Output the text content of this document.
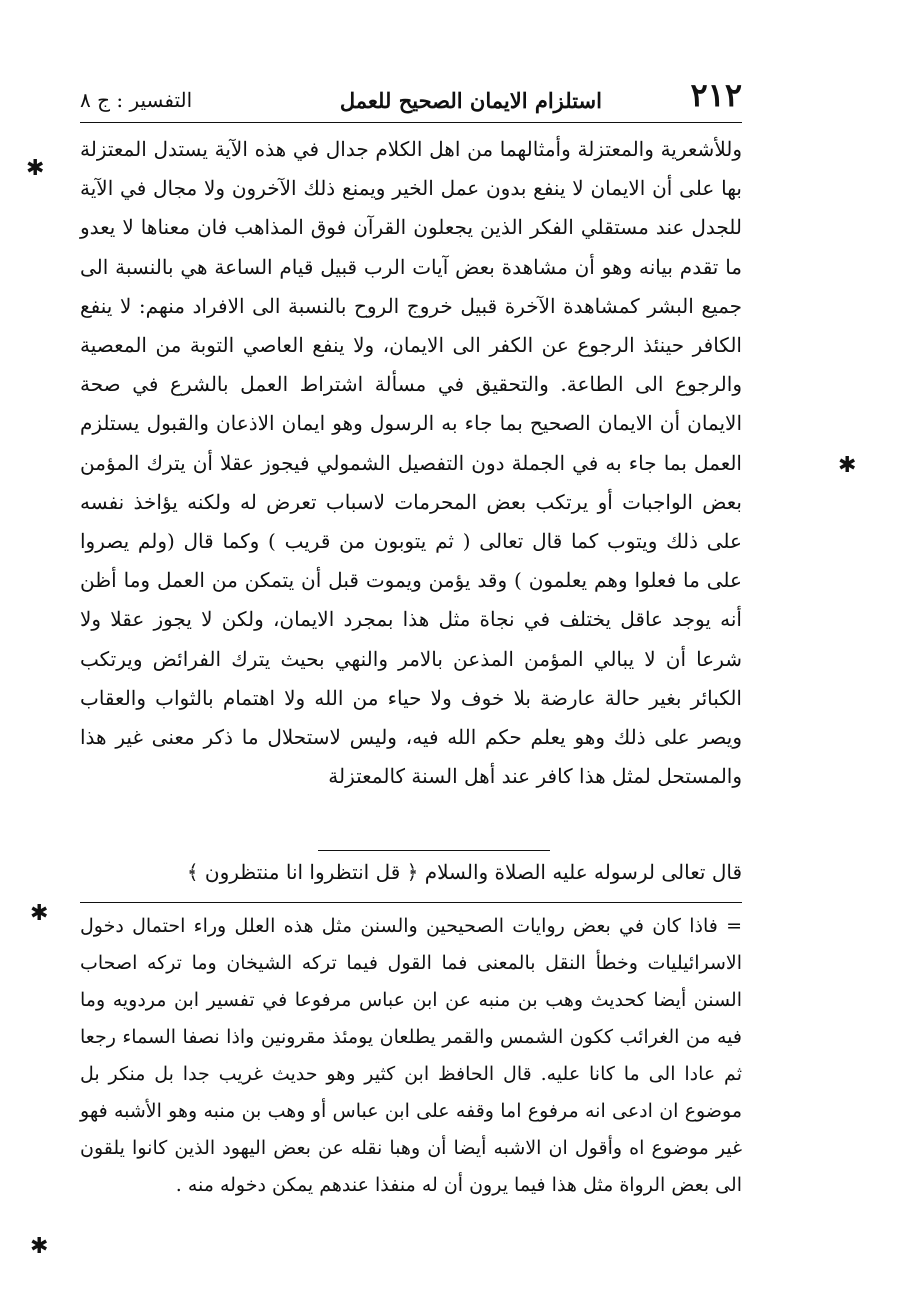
٢١٢
استلزام الايمان الصحيح للعمل
التفسير : ج ٨

وللأشعرية والمعتزلة وأمثالهما من اهل الكلام جدال في هذه الآية يستدل المعتزلة بها على أن الايمان لا ينفع بدون عمل الخير ويمنع ذلك الآخرون ولا مجال في الآية للجدل عند مستقلي الفكر الذين يجعلون القرآن فوق المذاهب فان معناها لا يعدو ما تقدم بيانه وهو أن مشاهدة بعض آيات الرب قبيل قيام الساعة هي بالنسبة الى جميع البشر كمشاهدة الآخرة قبيل خروج الروح بالنسبة الى الافراد منهم: لا ينفع الكافر حينئذ الرجوع عن الكفر الى الايمان، ولا ينفع العاصي التوبة من المعصية والرجوع الى الطاعة. والتحقيق في مسألة اشتراط العمل بالشرع في صحة الايمان أن الايمان الصحيح بما جاء به الرسول وهو ايمان الاذعان والقبول يستلزم العمل بما جاء به في الجملة دون التفصيل الشمولي فيجوز عقلا أن يترك المؤمن بعض الواجبات أو يرتكب بعض المحرمات لاسباب تعرض له ولكنه يؤاخذ نفسه على ذلك ويتوب كما قال تعالى ( ثم يتوبون من قريب ) وكما قال (ولم يصروا على ما فعلوا وهم يعلمون ) وقد يؤمن ويموت قبل أن يتمكن من العمل وما أظن أنه يوجد عاقل يختلف في نجاة مثل هذا بمجرد الايمان، ولكن لا يجوز عقلا ولا شرعا أن لا يبالي المؤمن المذعن بالامر والنهي بحيث يترك الفرائض ويرتكب الكبائر بغير حالة عارضة بلا خوف ولا حياء من الله ولا اهتمام بالثواب والعقاب ويصر على ذلك وهو يعلم حكم الله فيه، وليس لاستحلال ما ذكر معنى غير هذا والمستحل لمثل هذا كافر عند أهل السنة كالمعتزلة

قال تعالى لرسوله عليه الصلاة والسلام ﴿ قل انتظروا انا منتظرون ﴾

= فاذا كان في بعض روايات الصحيحين والسنن مثل هذه العلل وراء احتمال دخول الاسرائيليات وخطأ النقل بالمعنى فما القول فيما تركه الشيخان وما تركه اصحاب السنن أيضا كحديث وهب بن منبه عن ابن عباس مرفوعا في تفسير ابن مردويه وما فيه من الغرائب ككون الشمس والقمر يطلعان يومئذ مقرونين واذا نصفا السماء رجعا ثم عادا الى ما كانا عليه. قال الحافظ ابن كثير وهو حديث غريب جدا بل منكر بل موضوع ان ادعى انه مرفوع اما وقفه على ابن عباس أو وهب بن منبه وهو الأشبه فهو غير موضوع اه وأقول ان الاشبه أيضا أن وهبا نقله عن بعض اليهود الذين كانوا يلقون الى بعض الرواة مثل هذا فيما يرون أن له منفذا عندهم يمكن دخوله منه .

✱
✱
✱
✱
